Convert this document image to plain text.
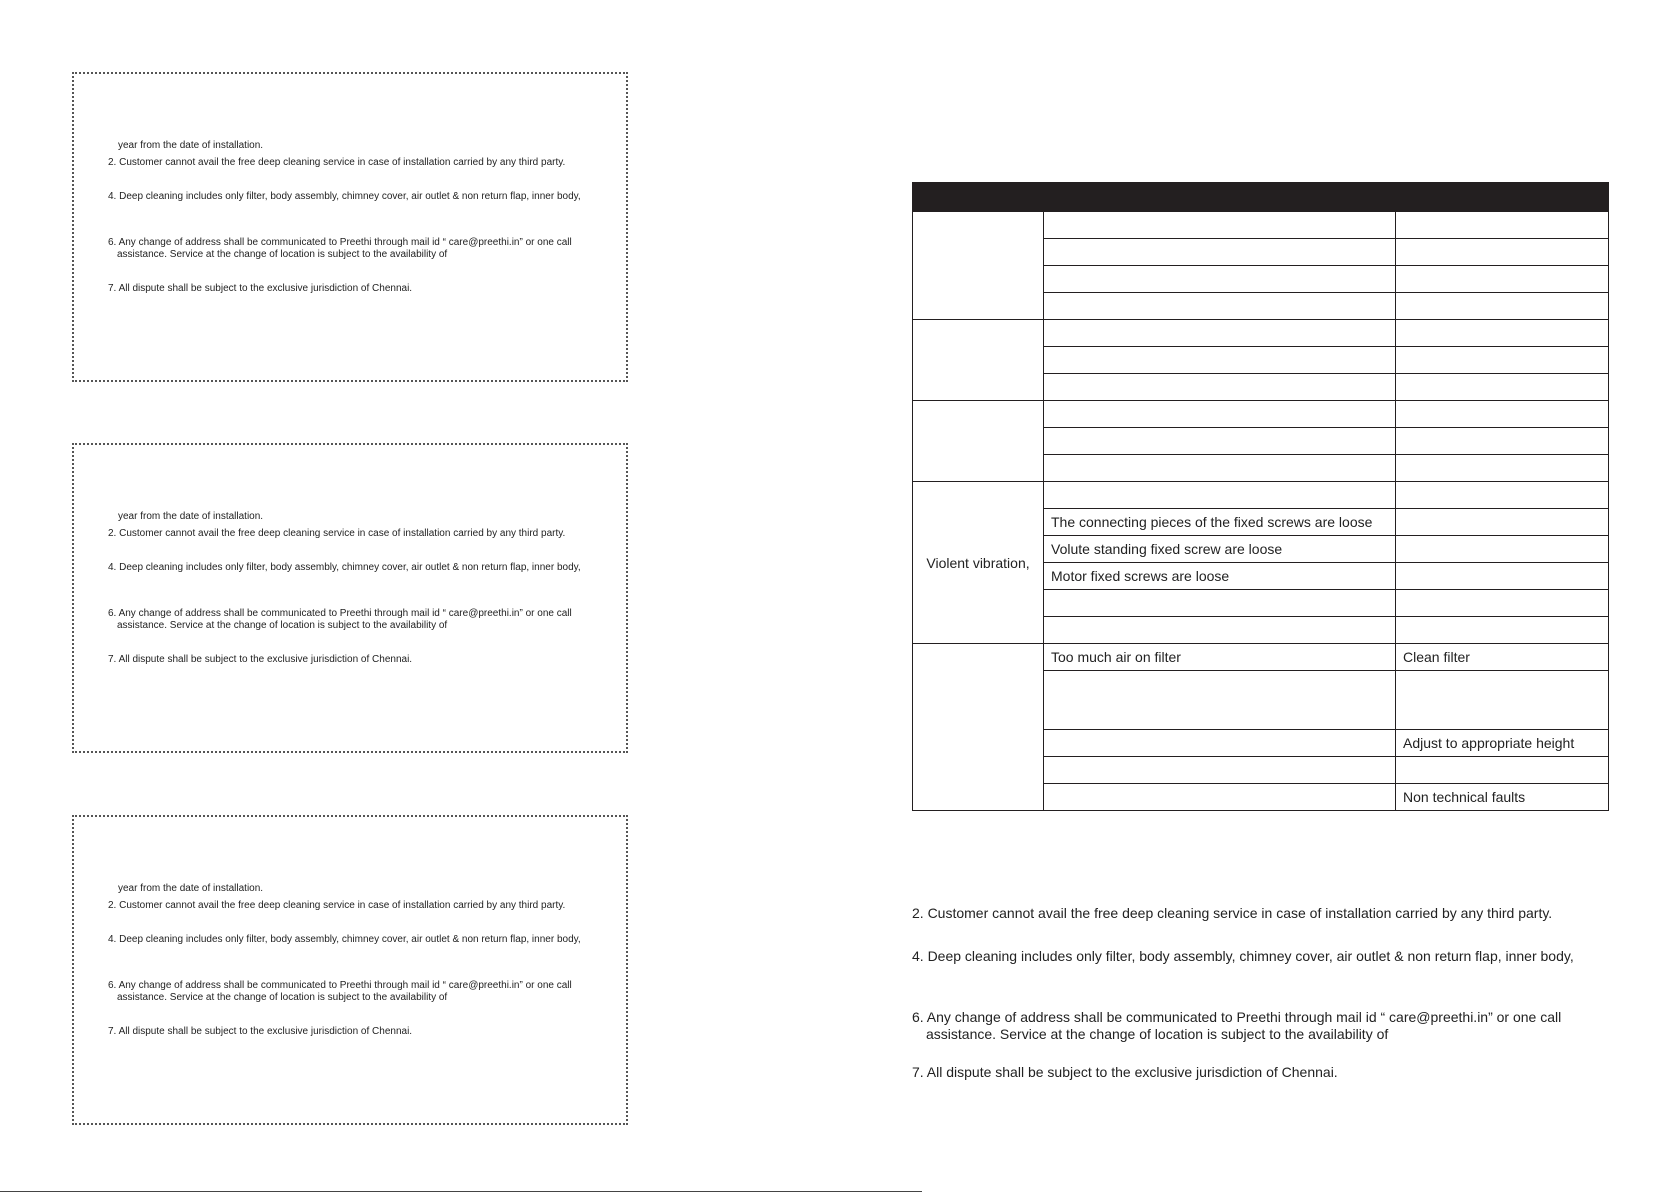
year from the date of installation.
2. Customer cannot avail the free deep cleaning service in case of installation carried by any third party.
4. Deep cleaning includes only filter, body assembly, chimney cover, air outlet & non return flap, inner body,
6. Any change of address shall be communicated to Preethi through mail id “ care@preethi.in” or one call
assistance. Service at the change of location is subject to the availability of
7. All dispute shall be subject to the exclusive jurisdiction of Chennai.
year from the date of installation.
2. Customer cannot avail the free deep cleaning service in case of installation carried by any third party.
4. Deep cleaning includes only filter, body assembly, chimney cover, air outlet & non return flap, inner body,
6. Any change of address shall be communicated to Preethi through mail id “ care@preethi.in” or one call
assistance. Service at the change of location is subject to the availability of
7. All dispute shall be subject to the exclusive jurisdiction of Chennai.
year from the date of installation.
2. Customer cannot avail the free deep cleaning service in case of installation carried by any third party.
4. Deep cleaning includes only filter, body assembly, chimney cover, air outlet & non return flap, inner body,
6. Any change of address shall be communicated to Preethi through mail id “ care@preethi.in” or one call
assistance. Service at the change of location is subject to the availability of
7. All dispute shall be subject to the exclusive jurisdiction of Chennai.

Violent vibration,		
	The connecting pieces of the fixed screws are loose	
	Volute standing fixed screw are loose	
	Motor fixed screws are loose	

	Too much air on filter	Clean filter

		Adjust to appropriate height

		Non technical faults
2. Customer cannot avail the free deep cleaning service in case of installation carried by any third party.
4. Deep cleaning includes only filter, body assembly, chimney cover, air outlet & non return flap, inner body,
6. Any change of address shall be communicated to Preethi through mail id “ care@preethi.in” or one call
assistance. Service at the change of location is subject to the availability of
7. All dispute shall be subject to the exclusive jurisdiction of Chennai.
